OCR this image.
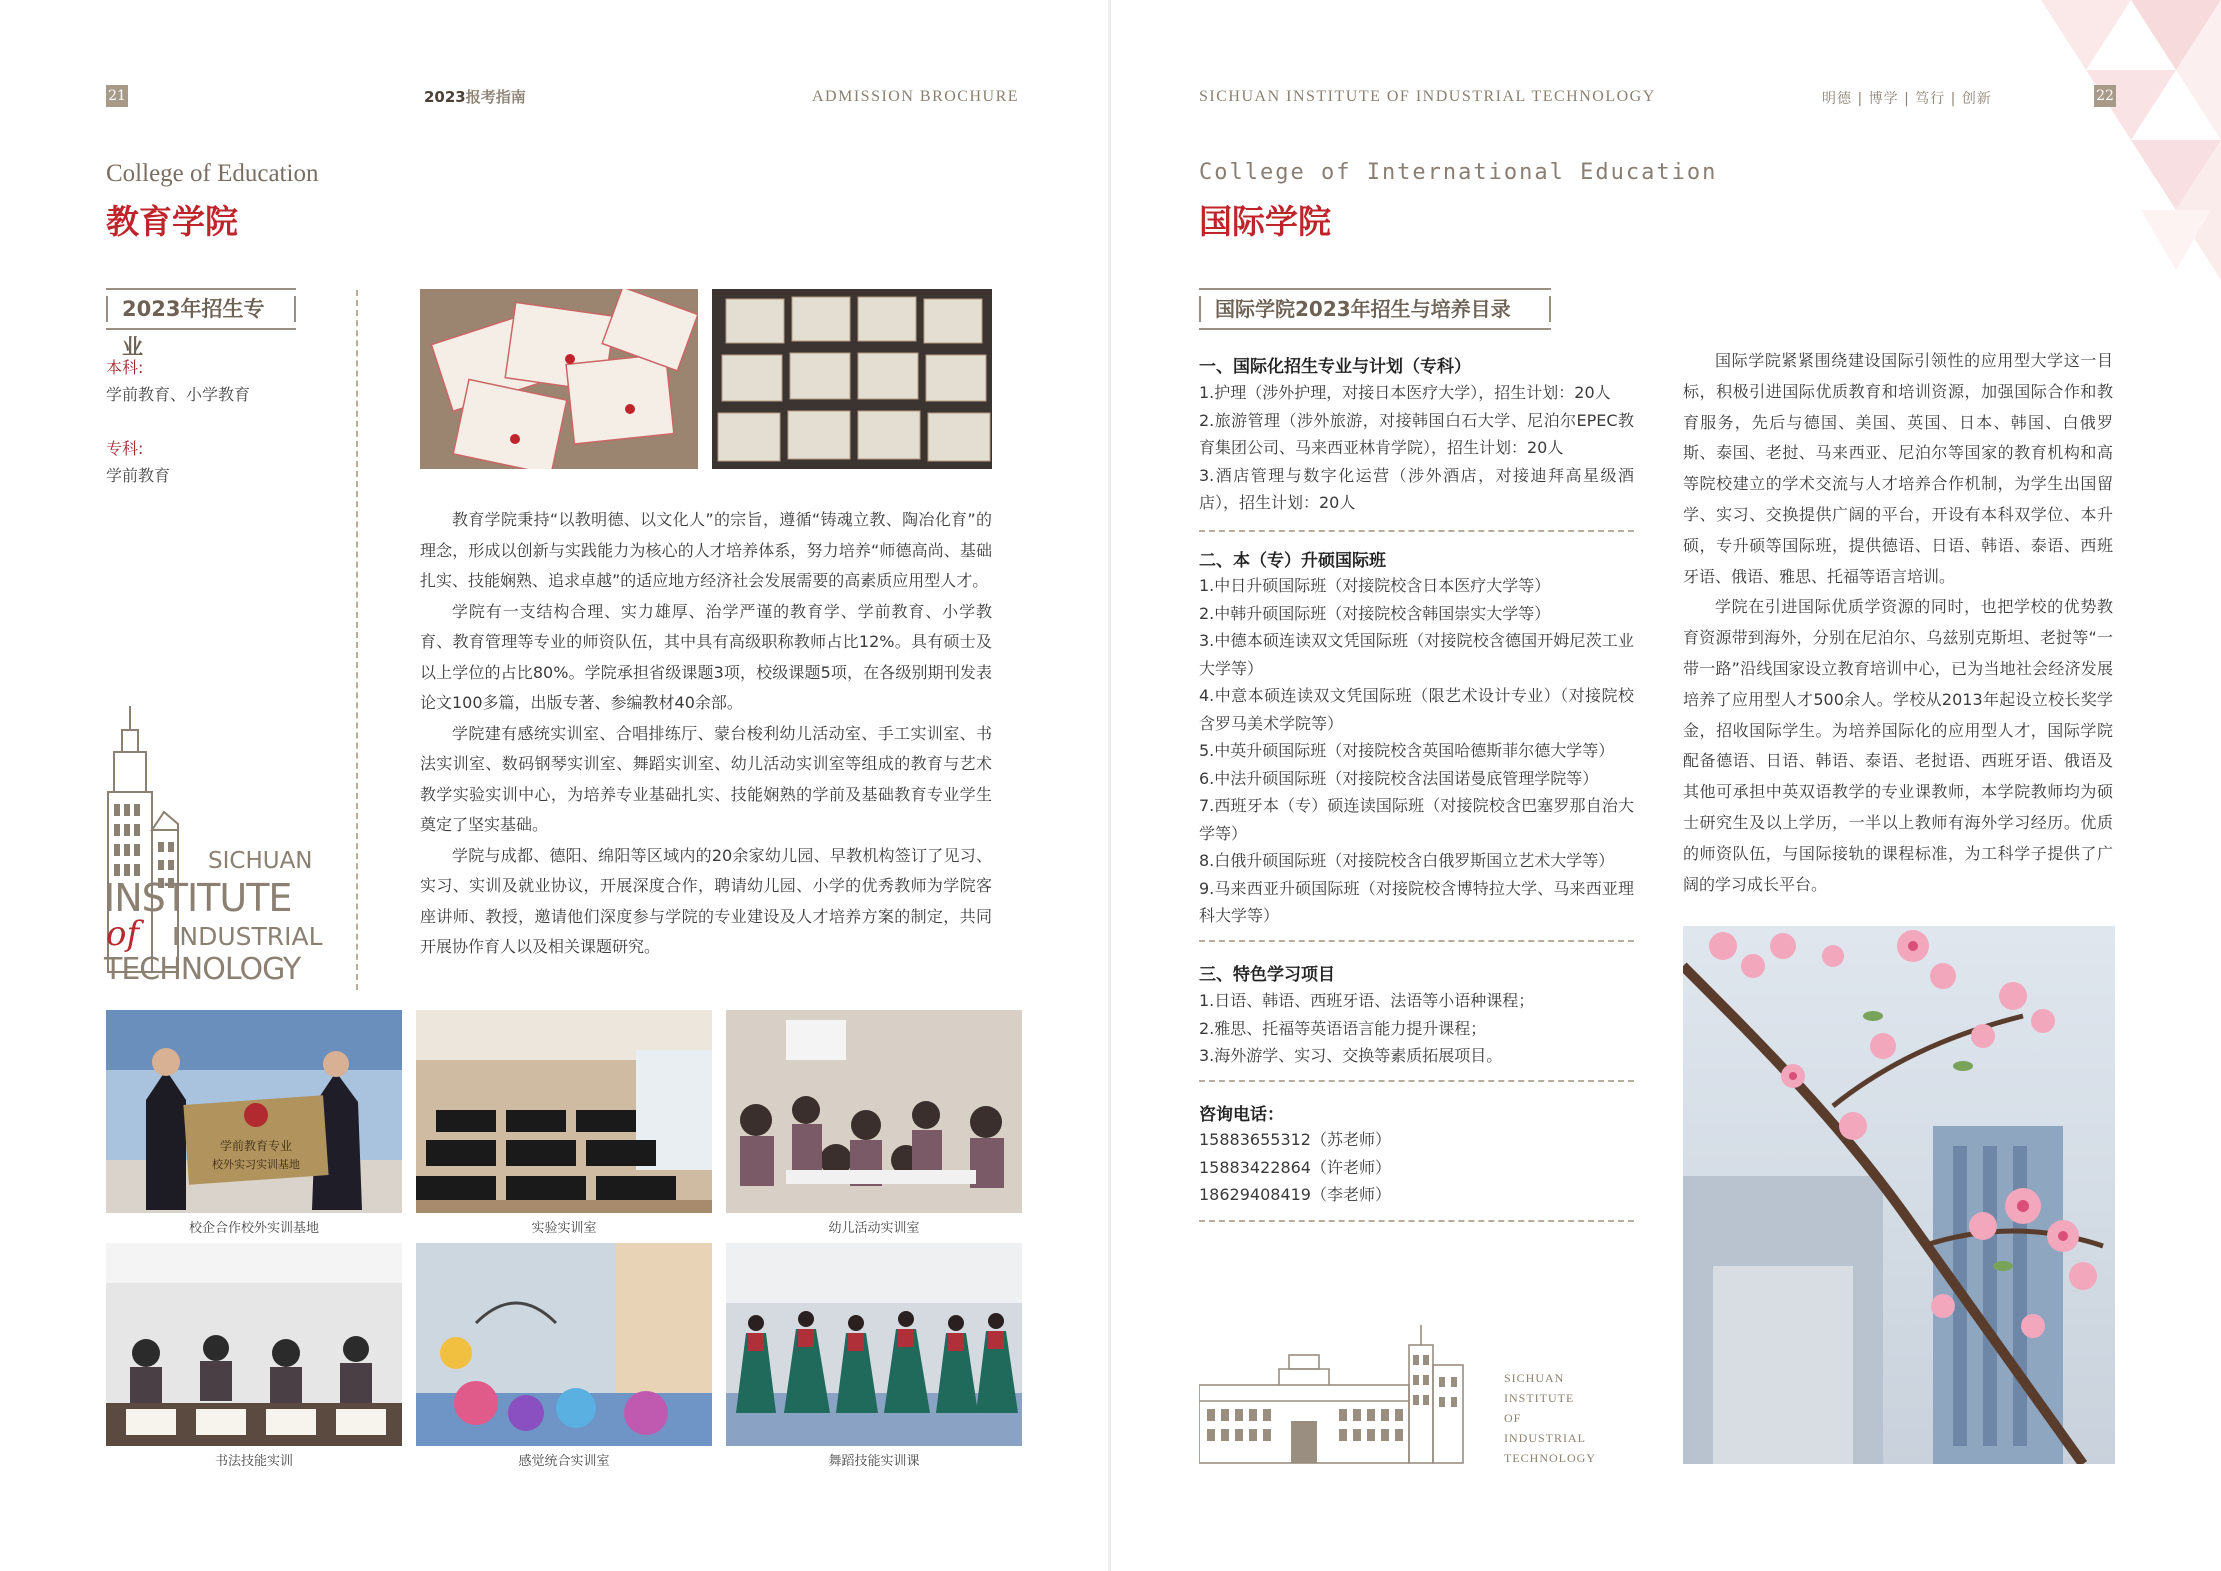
21	2023报考指南	ADMISSION BROCHURE
College of Education
教育学院
2023年招生专业
本科:
学前教育、小学教育
专科:
学前教育
SICHUAN
INSTITUTE
of INDUSTRIAL
TECHNOLOGY

教育学院秉持“以教明德、以文化人”的宗旨，遵循“铸魂立教、陶冶化育”的理念，形成以创新与实践能力为核心的人才培养体系，努力培养“师德高尚、基础扎实、技能娴熟、追求卓越”的适应地方经济社会发展需要的高素质应用型人才。

学院有一支结构合理、实力雄厚、治学严谨的教育学、学前教育、小学教育、教育管理等专业的师资队伍，其中具有高级职称教师占比12%。具有硕士及以上学位的占比80%。学院承担省级课题3项，校级课题5项，在各级别期刊发表论文100多篇，出版专著、参编教材40余部。

学院建有感统实训室、合唱排练厅、蒙台梭利幼儿活动室、手工实训室、书法实训室、数码钢琴实训室、舞蹈实训室、幼儿活动实训室等组成的教育与艺术教学实验实训中心，为培养专业基础扎实、技能娴熟的学前及基础教育专业学生奠定了坚实基础。

学院与成都、德阳、绵阳等区域内的20余家幼儿园、早教机构签订了见习、实习、实训及就业协议，开展深度合作，聘请幼儿园、小学的优秀教师为学院客座讲师、教授，邀请他们深度参与学院的专业建设及人才培养方案的制定，共同开展协作育人以及相关课题研究。

学前教育专业
校外实习实训基地
校企合作校外实训基地	实验实训室	幼儿活动实训室
书法技能实训	感觉统合实训室	舞蹈技能实训课
SICHUAN INSTITUTE OF INDUSTRIAL TECHNOLOGY	明德 | 博学 | 笃行 | 创新	22
College of International Education
国际学院
国际学院2023年招生与培养目录
一、国际化招生专业与计划（专科）
1.护理（涉外护理，对接日本医疗大学），招生计划：20人
2.旅游管理（涉外旅游，对接韩国白石大学、尼泊尔EPEC教育集团公司、马来西亚林肯学院），招生计划：20人
3.酒店管理与数字化运营（涉外酒店，对接迪拜高星级酒店），招生计划：20人
二、本（专）升硕国际班
1.中日升硕国际班（对接院校含日本医疗大学等）
2.中韩升硕国际班（对接院校含韩国崇实大学等）
3.中德本硕连读双文凭国际班（对接院校含德国开姆尼茨工业大学等）
4.中意本硕连读双文凭国际班（限艺术设计专业）（对接院校含罗马美术学院等）
5.中英升硕国际班（对接院校含英国哈德斯菲尔德大学等）
6.中法升硕国际班（对接院校含法国诺曼底管理学院等）
7.西班牙本（专）硕连读国际班（对接院校含巴塞罗那自治大学等）
8.白俄升硕国际班（对接院校含白俄罗斯国立艺术大学等）
9.马来西亚升硕国际班（对接院校含博特拉大学、马来西亚理科大学等）
三、特色学习项目
1.日语、韩语、西班牙语、法语等小语种课程；
2.雅思、托福等英语语言能力提升课程；
3.海外游学、实习、交换等素质拓展项目。
咨询电话：
15883655312（苏老师）
15883422864（许老师）
18629408419（李老师）
SICHUAN
INSTITUTE
OF
INDUSTRIAL
TECHNOLOGY

国际学院紧紧围绕建设国际引领性的应用型大学这一目标，积极引进国际优质教育和培训资源，加强国际合作和教育服务，先后与德国、美国、英国、日本、韩国、白俄罗斯、泰国、老挝、马来西亚、尼泊尔等国家的教育机构和高等院校建立的学术交流与人才培养合作机制，为学生出国留学、实习、交换提供广阔的平台，开设有本科双学位、本升硕，专升硕等国际班，提供德语、日语、韩语、泰语、西班牙语、俄语、雅思、托福等语言培训。

学院在引进国际优质学资源的同时，也把学校的优势教育资源带到海外，分别在尼泊尔、乌兹别克斯坦、老挝等“一带一路”沿线国家设立教育培训中心，已为当地社会经济发展培养了应用型人才500余人。学校从2013年起设立校长奖学金，招收国际学生。为培养国际化的应用型人才，国际学院配备德语、日语、韩语、泰语、老挝语、西班牙语、俄语及其他可承担中英双语教学的专业课教师，本学院教师均为硕士研究生及以上学历，一半以上教师有海外学习经历。优质的师资队伍，与国际接轨的课程标准，为工科学子提供了广阔的学习成长平台。
